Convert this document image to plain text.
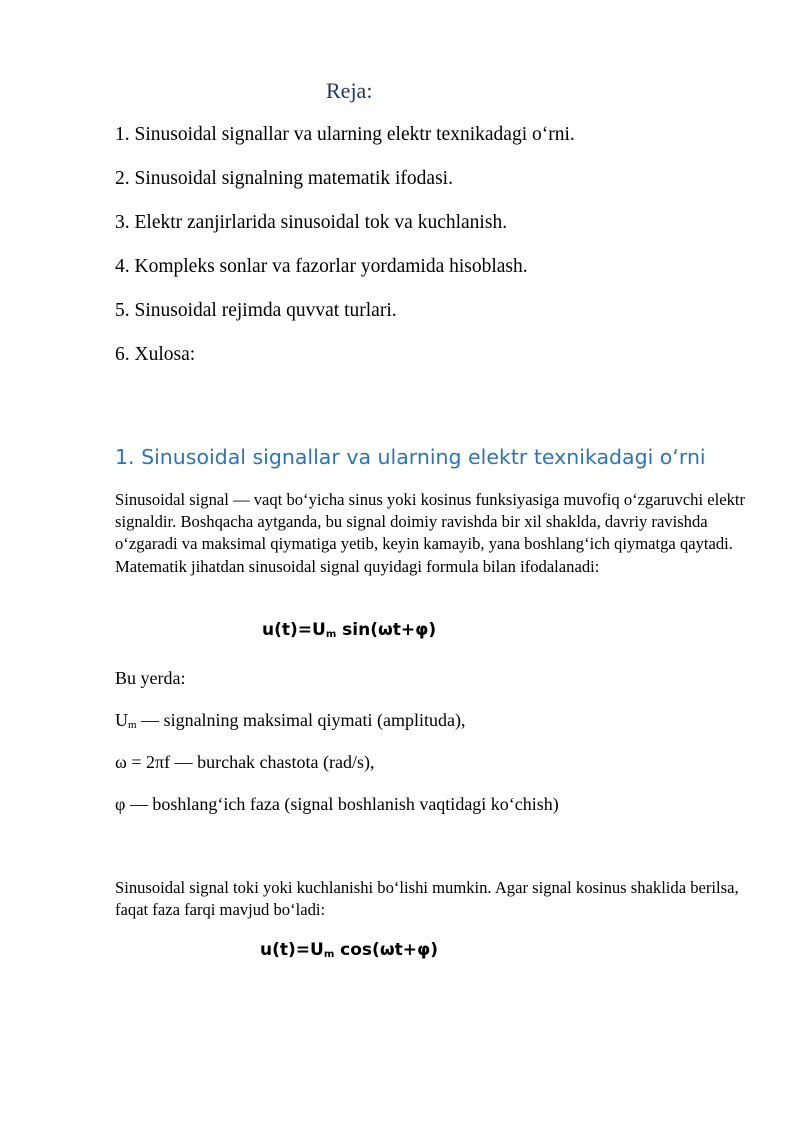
Reja:
1. Sinusoidal signallar va ularning elektr texnikadagi o‘rni.
2. Sinusoidal signalning matematik ifodasi.
3. Elektr zanjirlarida sinusoidal tok va kuchlanish.
4. Kompleks sonlar va fazorlar yordamida hisoblash.
5. Sinusoidal rejimda quvvat turlari.
6. Xulosa:
1. Sinusoidal signallar va ularning elektr texnikadagi o‘rni
Sinusoidal signal — vaqt bo‘yicha sinus yoki kosinus funksiyasiga muvofiq o‘zgaruvchi elektr signaldir. Boshqacha aytganda, bu signal doimiy ravishda bir xil shaklda, davriy ravishda o‘zgaradi va maksimal qiymatiga yetib, keyin kamayib, yana boshlang‘ich qiymatga qaytadi. Matematik jihatdan sinusoidal signal quyidagi formula bilan ifodalanadi:
$u(t)=U_m$ sin(ωt+φ)
Bu yerda:
$U_m$ — signalning maksimal qiymati (amplituda),
ω = 2πf — burchak chastota (rad/s),
φ — boshlang‘ich faza (signal boshlanish vaqtidagi ko‘chish)
Sinusoidal signal toki yoki kuchlanishi bo‘lishi mumkin. Agar signal kosinus shaklida berilsa, faqat faza farqi mavjud bo‘ladi:
$u(t)=U_m$ cos(ωt+φ)
